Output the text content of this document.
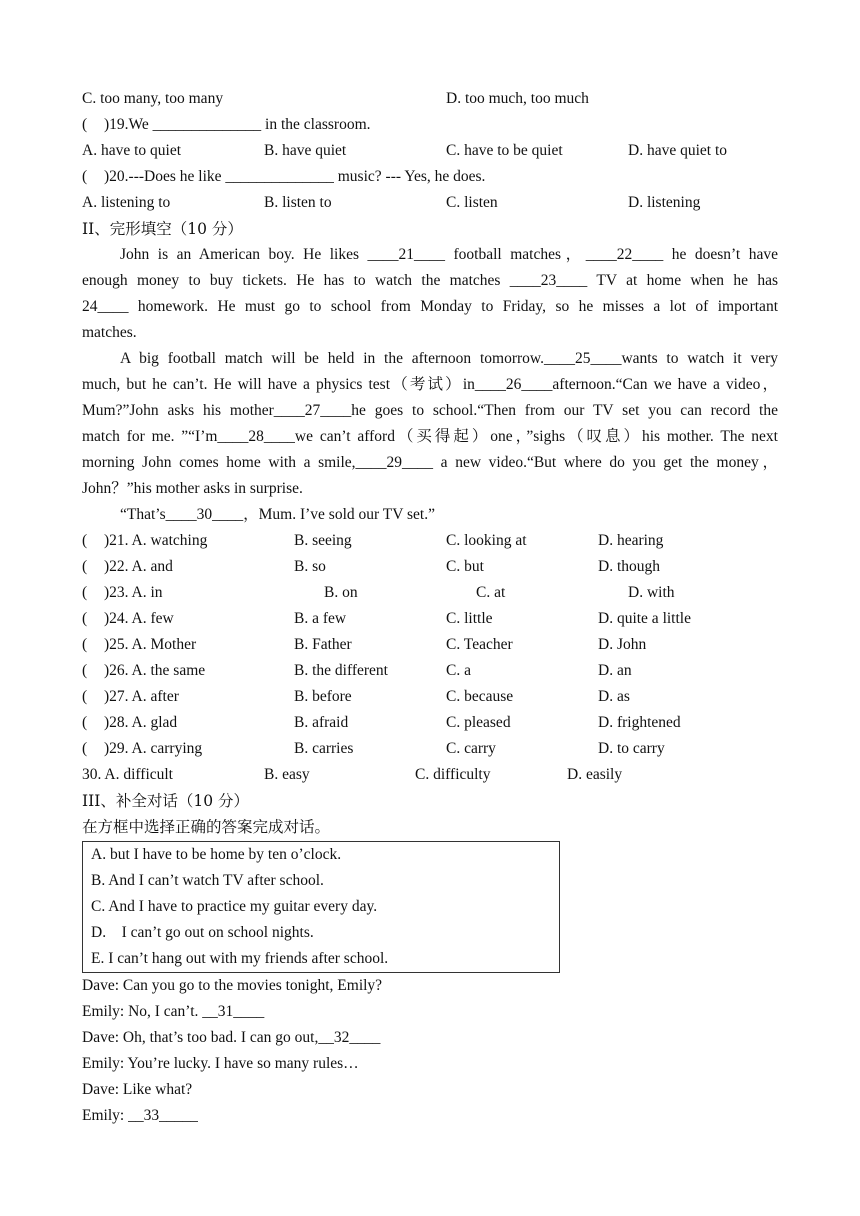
C. too many, too many	D. too much, too much
( )19.We ______________ in the classroom.
A. have to quiet	B. have quiet	C. have to be quiet	D. have quiet to
( )20.---Does he like ______________ music? --- Yes, he does.
A. listening to	B. listen to	C. listen	D. listening
II、完形填空（10 分）
John is an American boy. He likes ____21____ football matches，____22____ he doesn’t have
enough money to buy tickets. He has to watch the matches ____23____ TV at home when he has
24____ homework. He must go to school from Monday to Friday, so he misses a lot of important
matches.
A big football match will be held in the afternoon tomorrow.____25____wants to watch it very
much, but he can’t. He will have a physics test（考试）in____26____afternoon.“Can we have a video，
Mum?”John asks his mother____27____he goes to school.“Then from our TV set you can record the
match for me. ”“I’m____28____we can’t afford（买得起）one，”sighs（叹息）his mother. The next
morning John comes home with a smile,____29____ a new video.“But where do you get the money，
John？”his mother asks in surprise.
“That’s____30____，Mum. I’ve sold our TV set.”
( )21. A. watching	B. seeing	C. looking at	D. hearing
( )22. A. and	B. so	C. but	D. though
( )23. A. in	B. on	C. at	D. with
( )24. A. few	B. a few	C. little	D. quite a little
( )25. A. Mother	B. Father	C. Teacher	D. John
( )26. A. the same	B. the different	C. a	D. an
( )27. A. after	B. before	C. because	D. as
( )28. A. glad	B. afraid	C. pleased	D. frightened
( )29. A. carrying	B. carries	C. carry	D. to carry
30. A. difficult	B. easy	C. difficulty	D. easily
III、补全对话（10 分）
在方框中选择正确的答案完成对话。
A. but I have to be home by ten o’clock.
B. And I can’t watch TV after school.
C. And I have to practice my guitar every day.
D.    I can’t go out on school nights.
E. I can’t hang out with my friends after school.
Dave: Can you go to the movies tonight, Emily?
Emily: No, I can’t. __31____
Dave: Oh, that’s too bad. I can go out,__32____
Emily: You’re lucky. I have so many rules…
Dave: Like what?
Emily: __33_____
